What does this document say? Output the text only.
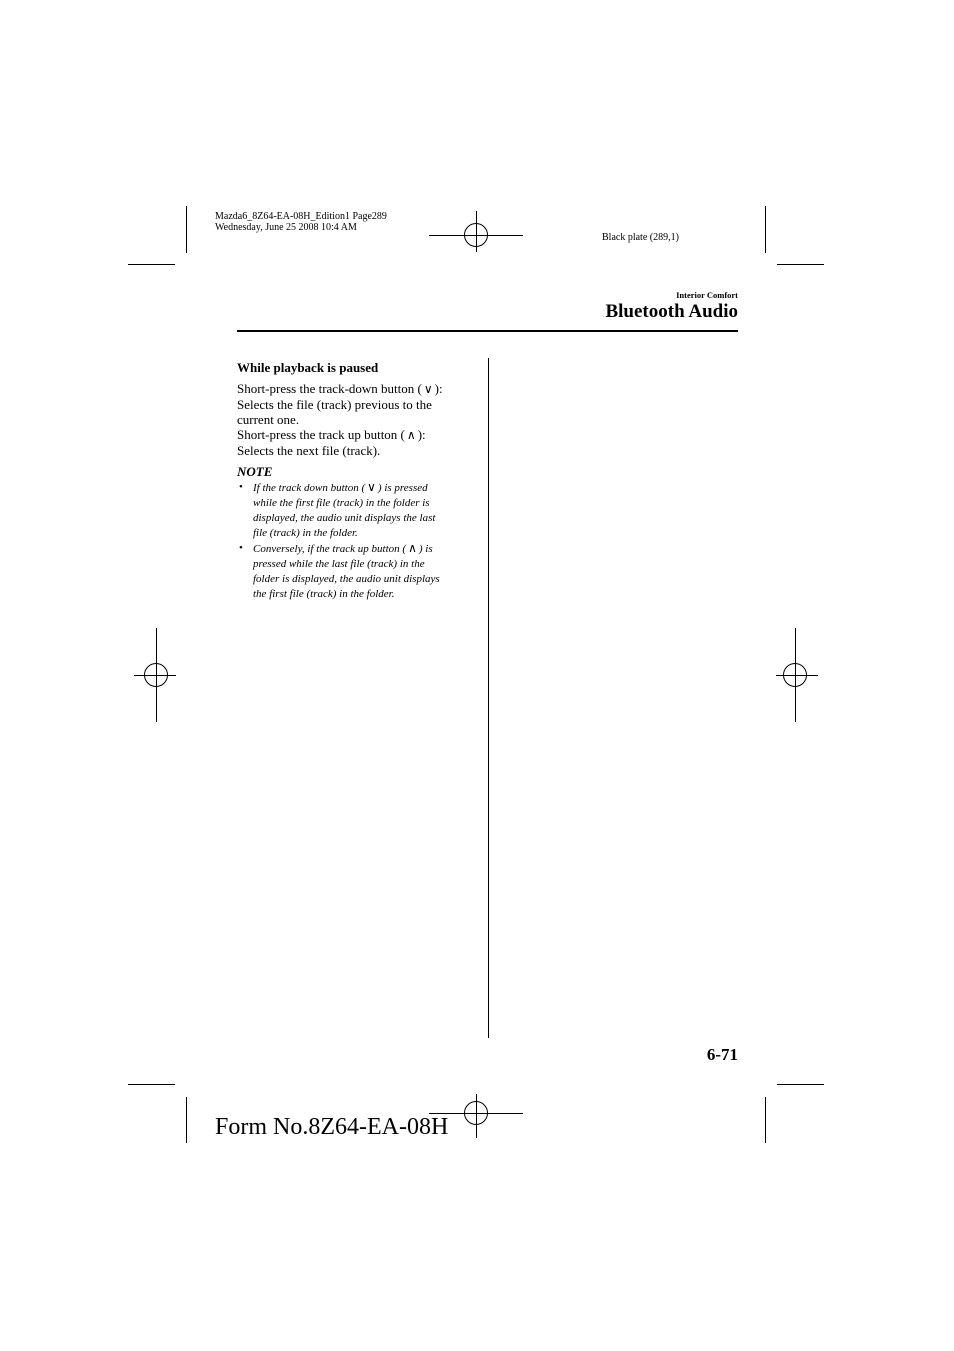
Mazda6_8Z64-EA-08H_Edition1 Page289
Wednesday, June 25 2008 10:4 AM
Black plate (289,1)
Interior Comfort
Bluetooth Audio
While playback is paused
Short-press the track-down button ( ∨ ):
Selects the file (track) previous to the
current one.
Short-press the track up button ( ∧ ):
Selects the next file (track).
NOTE
• If the track down button ( ∨ ) is pressed
while the first file (track) in the folder is
displayed, the audio unit displays the last
file (track) in the folder.
• Conversely, if the track up button ( ∧ ) is
pressed while the last file (track) in the
folder is displayed, the audio unit displays
the first file (track) in the folder.
6-71
Form No.8Z64-EA-08H
